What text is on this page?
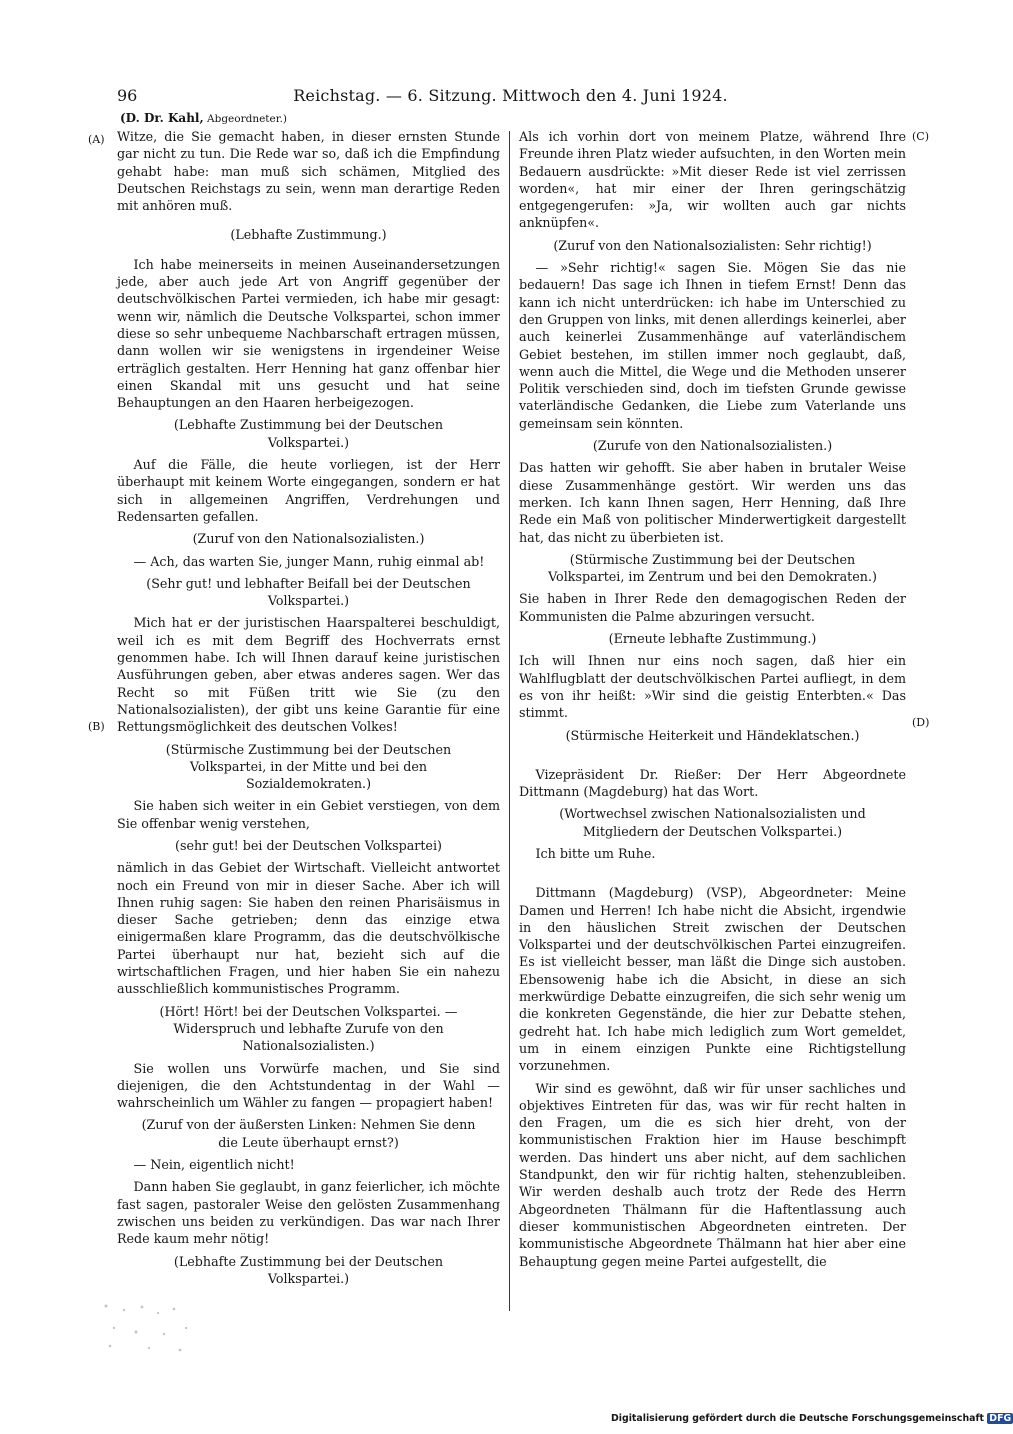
96	Reichstag. — 6. Sitzung. Mittwoch den 4. Juni 1924.
(D. Dr. Kahl, Abgeordneter.)
(A)
(B)
(C)
(D)

Witze, die Sie gemacht haben, in dieser ernsten Stunde gar nicht zu tun. Die Rede war so, daß ich die Empfindung gehabt habe: man muß sich schämen, Mitglied des Deutschen Reichstags zu sein, wenn man derartige Reden mit anhören muß.

(Lebhafte Zustimmung.)

Ich habe meinerseits in meinen Auseinandersetzungen jede, aber auch jede Art von Angriff gegenüber der deutschvölkischen Partei vermieden, ich habe mir gesagt: wenn wir, nämlich die Deutsche Volkspartei, schon immer diese so sehr unbequeme Nachbarschaft ertragen müssen, dann wollen wir sie wenigstens in irgendeiner Weise erträglich gestalten. Herr Henning hat ganz offenbar hier einen Skandal mit uns gesucht und hat seine Behauptungen an den Haaren herbeigezogen.

(Lebhafte Zustimmung bei der Deutschen Volkspartei.)

Auf die Fälle, die heute vorliegen, ist der Herr überhaupt mit keinem Worte eingegangen, sondern er hat sich in allgemeinen Angriffen, Verdrehungen und Redensarten gefallen.

(Zuruf von den Nationalsozialisten.)

— Ach, das warten Sie, junger Mann, ruhig einmal ab!

(Sehr gut! und lebhafter Beifall bei der Deutschen Volkspartei.)

Mich hat er der juristischen Haarspalterei beschuldigt, weil ich es mit dem Begriff des Hochverrats ernst genommen habe. Ich will Ihnen darauf keine juristischen Ausführungen geben, aber etwas anderes sagen. Wer das Recht so mit Füßen tritt wie Sie (zu den Nationalsozialisten), der gibt uns keine Garantie für eine Rettungsmöglichkeit des deutschen Volkes!

(Stürmische Zustimmung bei der Deutschen Volkspartei, in der Mitte und bei den Sozialdemokraten.)

Sie haben sich weiter in ein Gebiet verstiegen, von dem Sie offenbar wenig verstehen,

(sehr gut! bei der Deutschen Volkspartei)

nämlich in das Gebiet der Wirtschaft. Vielleicht antwortet noch ein Freund von mir in dieser Sache. Aber ich will Ihnen ruhig sagen: Sie haben den reinen Pharisäismus in dieser Sache getrieben; denn das einzige etwa einigermaßen klare Programm, das die deutschvölkische Partei überhaupt nur hat, bezieht sich auf die wirtschaftlichen Fragen, und hier haben Sie ein nahezu ausschließlich kommunistisches Programm.

(Hört! Hört! bei der Deutschen Volkspartei. — Widerspruch und lebhafte Zurufe von den Nationalsozialisten.)

Sie wollen uns Vorwürfe machen, und Sie sind diejenigen, die den Achtstundentag in der Wahl — wahrscheinlich um Wähler zu fangen — propagiert haben!

(Zuruf von der äußersten Linken: Nehmen Sie denn die Leute überhaupt ernst?)

— Nein, eigentlich nicht!

Dann haben Sie geglaubt, in ganz feierlicher, ich möchte fast sagen, pastoraler Weise den gelösten Zusammenhang zwischen uns beiden zu verkündigen. Das war nach Ihrer Rede kaum mehr nötig!

(Lebhafte Zustimmung bei der Deutschen Volkspartei.)

Als ich vorhin dort von meinem Platze, während Ihre Freunde ihren Platz wieder aufsuchten, in den Worten mein Bedauern ausdrückte: »Mit dieser Rede ist viel zerrissen worden«, hat mir einer der Ihren geringschätzig entgegengerufen: »Ja, wir wollten auch gar nichts anknüpfen«.

(Zuruf von den Nationalsozialisten: Sehr richtig!)

— »Sehr richtig!« sagen Sie. Mögen Sie das nie bedauern! Das sage ich Ihnen in tiefem Ernst! Denn das kann ich nicht unterdrücken: ich habe im Unterschied zu den Gruppen von links, mit denen allerdings keinerlei, aber auch keinerlei Zusammenhänge auf vaterländischem Gebiet bestehen, im stillen immer noch geglaubt, daß, wenn auch die Mittel, die Wege und die Methoden unserer Politik verschieden sind, doch im tiefsten Grunde gewisse vaterländische Gedanken, die Liebe zum Vaterlande uns gemeinsam sein könnten.

(Zurufe von den Nationalsozialisten.)

Das hatten wir gehofft. Sie aber haben in brutaler Weise diese Zusammenhänge gestört. Wir werden uns das merken. Ich kann Ihnen sagen, Herr Henning, daß Ihre Rede ein Maß von politischer Minderwertigkeit dargestellt hat, das nicht zu überbieten ist.

(Stürmische Zustimmung bei der Deutschen Volkspartei, im Zentrum und bei den Demokraten.)

Sie haben in Ihrer Rede den demagogischen Reden der Kommunisten die Palme abzuringen versucht.

(Erneute lebhafte Zustimmung.)

Ich will Ihnen nur eins noch sagen, daß hier ein Wahlflugblatt der deutschvölkischen Partei aufliegt, in dem es von ihr heißt: »Wir sind die geistig Enterbten.« Das stimmt.

(Stürmische Heiterkeit und Händeklatschen.)

Vizepräsident Dr. Rießer: Der Herr Abgeordnete Dittmann (Magdeburg) hat das Wort.

(Wortwechsel zwischen Nationalsozialisten und Mitgliedern der Deutschen Volkspartei.)

Ich bitte um Ruhe.

Dittmann (Magdeburg) (VSP), Abgeordneter: Meine Damen und Herren! Ich habe nicht die Absicht, irgendwie in den häuslichen Streit zwischen der Deutschen Volkspartei und der deutschvölkischen Partei einzugreifen. Es ist vielleicht besser, man läßt die Dinge sich austoben. Ebensowenig habe ich die Absicht, in diese an sich merkwürdige Debatte einzugreifen, die sich sehr wenig um die konkreten Gegenstände, die hier zur Debatte stehen, gedreht hat. Ich habe mich lediglich zum Wort gemeldet, um in einem einzigen Punkte eine Richtigstellung vorzunehmen.

Wir sind es gewöhnt, daß wir für unser sachliches und objektives Eintreten für das, was wir für recht halten in den Fragen, um die es sich hier dreht, von der kommunistischen Fraktion hier im Hause beschimpft werden. Das hindert uns aber nicht, auf dem sachlichen Standpunkt, den wir für richtig halten, stehenzubleiben. Wir werden deshalb auch trotz der Rede des Herrn Abgeordneten Thälmann für die Haftentlassung auch dieser kommunistischen Abgeordneten eintreten. Der kommunistische Abgeordnete Thälmann hat hier aber eine Behauptung gegen meine Partei aufgestellt, die

Digitalisierung gefördert durch die Deutsche Forschungsgemeinschaft DFG
